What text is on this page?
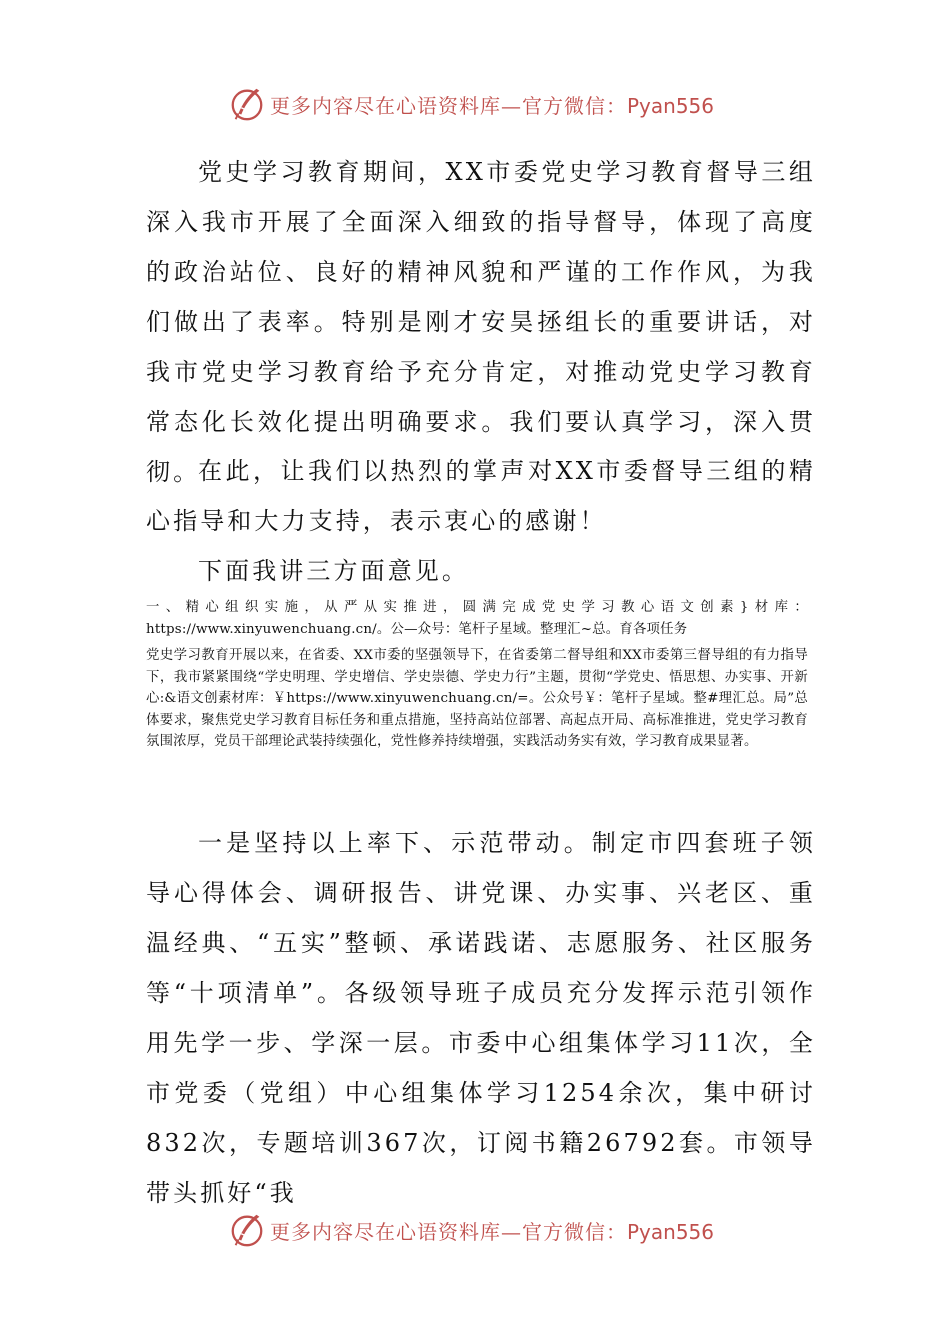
更多内容尽在心语资料库—官方微信：Pyan556

党史学习教育期间，XX市委党史学习教育督导三组深入我市开展了全面深入细致的指导督导，体现了高度的政治站位、良好的精神风貌和严谨的工作作风，为我们做出了表率。特别是刚才安昊拯组长的重要讲话，对我市党史学习教育给予充分肯定，对推动党史学习教育常态化长效化提出明确要求。我们要认真学习，深入贯彻。

在此，让我们以热烈的掌声对XX市委督导三组的精心指导和大力支持，表示衷心的感谢！

下面我讲三方面意见。

一、精心组织实施，从严从实推进，圆满完成党史学习教心语文创素}材库：https://www.xinyuwenchuang.cn/。公—众号：笔杆子星域。整理汇~总。育各项任务

党史学习教育开展以来，在省委、XX市委的坚强领导下，在省委第二督导组和XX市委第三督导组的有力指导下，我市紧紧围绕“学史明理、学史增信、学史崇德、学史力行”主题，贯彻“学党史、悟思想、办实事、开新心:&语文创素材库：￥https://www.xinyuwenchuang.cn/=。公众号￥：笔杆子星域。整#理汇总。局”总体要求，聚焦党史学习教育目标任务和重点措施，坚持高站位部署、高起点开局、高标准推进，党史学习教育氛围浓厚，党员干部理论武装持续强化，党性修养持续增强，实践活动务实有效，学习教育成果显著。

一是坚持以上率下、示范带动。制定市四套班子领导心得体会、调研报告、讲党课、办实事、兴老区、重温经典、“五实”整顿、承诺践诺、志愿服务、社区服务等“十项清单”。各级领导班子成员充分发挥示范引领作用先学一步、学深一层。市委中心组集体学习11次，全市党委（党组）中心组集体学习1254余次，集中研讨832次，专题培训367次，订阅书籍26792套。市领导带头抓好“我

更多内容尽在心语资料库—官方微信：Pyan556
